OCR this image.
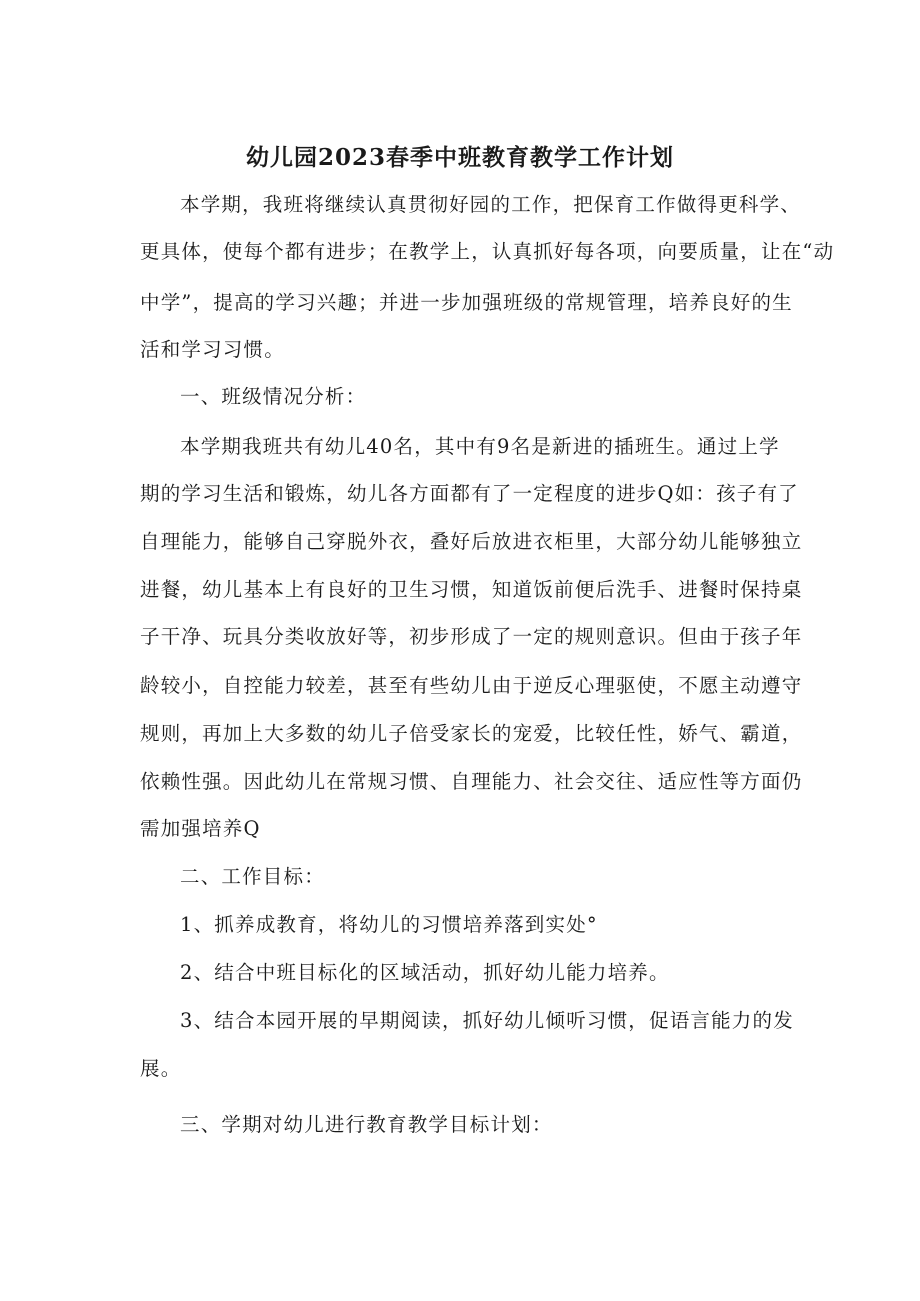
幼儿园2023春季中班教育教学工作计划
本学期，我班将继续认真贯彻好园的工作，把保育工作做得更科学、
更具体，使每个都有进步；在教学上，认真抓好每各项，向要质量，让在“动
中学”，提高的学习兴趣；并进一步加强班级的常规管理，培养良好的生
活和学习习惯。
一、班级情况分析：
本学期我班共有幼儿40名，其中有9名是新进的插班生。通过上学
期的学习生活和锻炼，幼儿各方面都有了一定程度的进步Q如：孩子有了
自理能力，能够自己穿脱外衣，叠好后放进衣柜里，大部分幼儿能够独立
进餐，幼儿基本上有良好的卫生习惯，知道饭前便后洗手、进餐时保持桌
子干净、玩具分类收放好等，初步形成了一定的规则意识。但由于孩子年
龄较小，自控能力较差，甚至有些幼儿由于逆反心理驱使，不愿主动遵守
规则，再加上大多数的幼儿子倍受家长的宠爱，比较任性，娇气、霸道，
依赖性强。因此幼儿在常规习惯、自理能力、社会交往、适应性等方面仍
需加强培养Q
二、工作目标：
1、抓养成教育，将幼儿的习惯培养落到实处°
2、结合中班目标化的区域活动，抓好幼儿能力培养。
3、结合本园开展的早期阅读，抓好幼儿倾听习惯，促语言能力的发
展。
三、学期对幼儿进行教育教学目标计划：
